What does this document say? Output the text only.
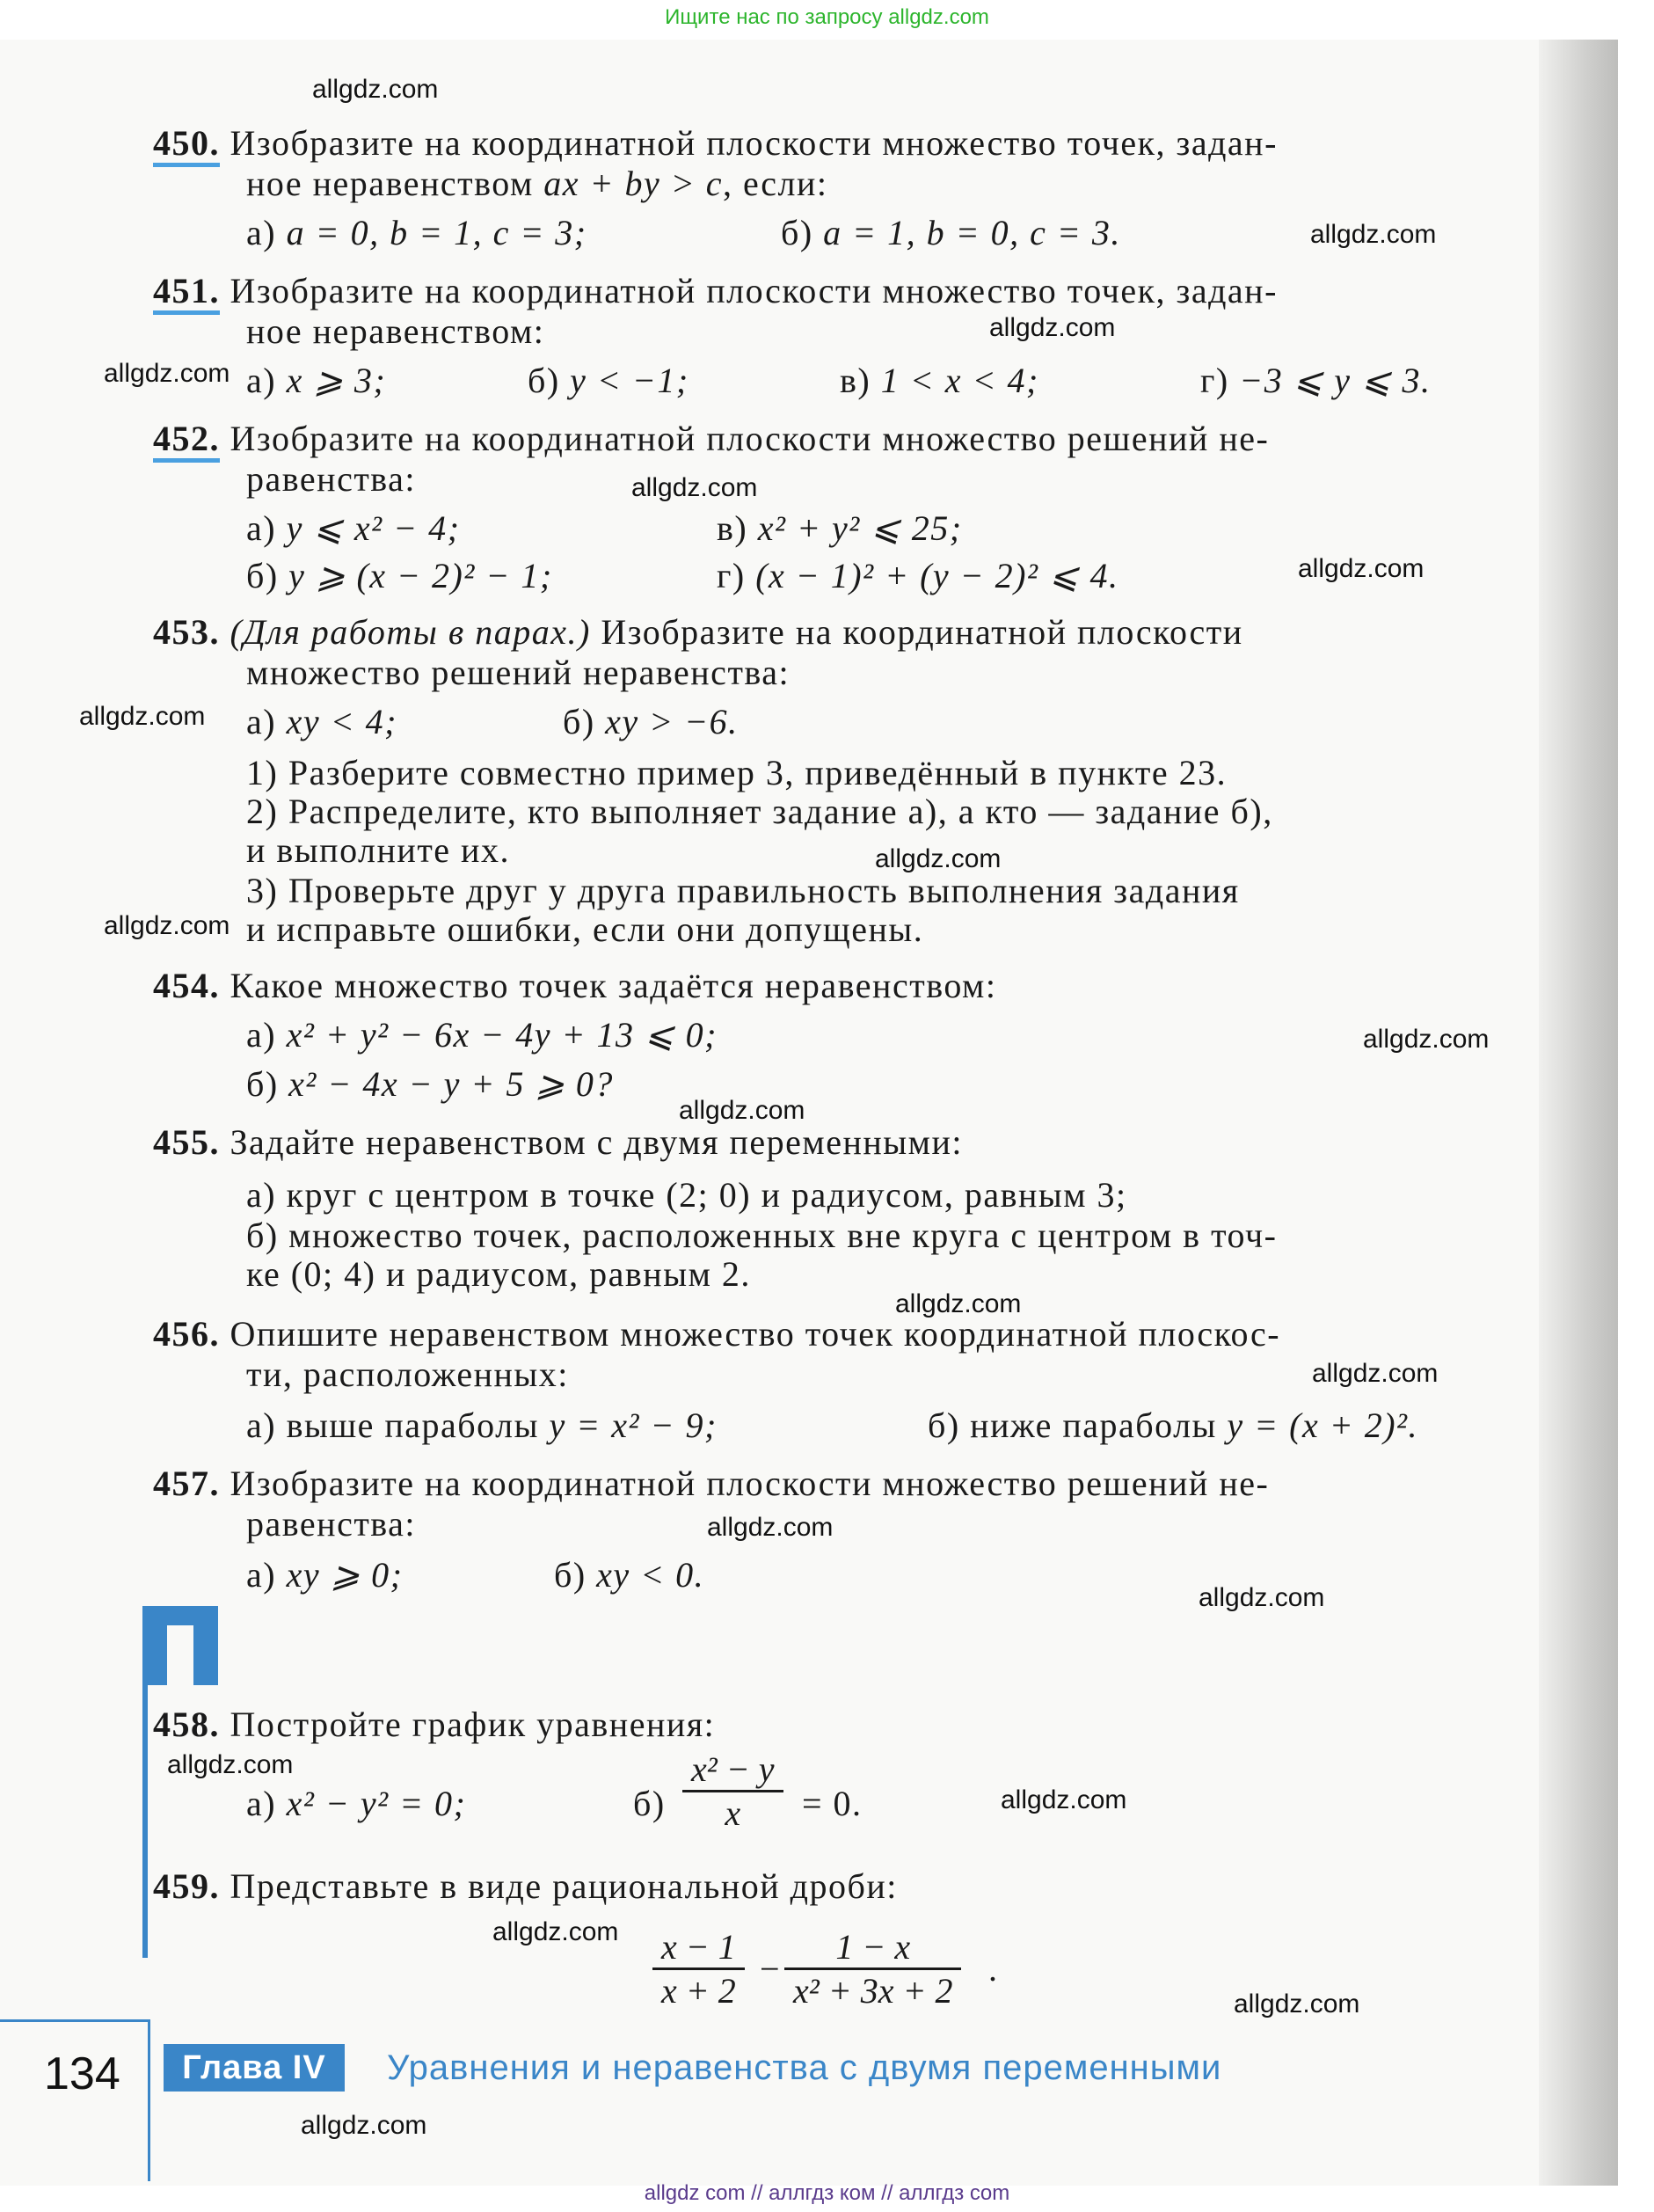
Ищите нас по запросу allgdz.com
allgdz.com
allgdz.com
allgdz.com
allgdz.com
allgdz.com
allgdz.com
allgdz.com
allgdz.com
allgdz.com
allgdz.com
allgdz.com
allgdz.com
allgdz.com
allgdz.com
allgdz.com
allgdz.com
allgdz.com
allgdz.com
allgdz.com
allgdz.com
450. Изобразите на координатной плоскости множество точек, задан-
ное неравенством ax + by > c, если:
а) a = 0, b = 1, c = 3;	б) a = 1, b = 0, c = 3.
451. Изобразите на координатной плоскости множество точек, задан-
ное неравенством:
а) x ⩾ 3;	б) y < −1;	в) 1 < x < 4;	г) −3 ⩽ y ⩽ 3.
452. Изобразите на координатной плоскости множество решений не-
равенства:
а) y ⩽ x² − 4;	в) x² + y² ⩽ 25;
б) y ⩾ (x − 2)² − 1;	г) (x − 1)² + (y − 2)² ⩽ 4.
453. (Для работы в парах.) Изобразите на координатной плоскости
множество решений неравенства:
а) xy < 4;	б) xy > −6.
1) Разберите совместно пример 3, приведённый в пункте 23.
2) Распределите, кто выполняет задание а), а кто — задание б),
и выполните их.
3) Проверьте друг у друга правильность выполнения задания
и исправьте ошибки, если они допущены.
454. Какое множество точек задаётся неравенством:
а) x² + y² − 6x − 4y + 13 ⩽ 0;
б) x² − 4x − y + 5 ⩾ 0?
455. Задайте неравенством с двумя переменными:
а) круг с центром в точке (2; 0) и радиусом, равным 3;
б) множество точек, расположенных вне круга с центром в точ-
ке (0; 4) и радиусом, равным 2.
456. Опишите неравенством множество точек координатной плоскос-
ти, расположенных:
а) выше параболы y = x² − 9;	б) ниже параболы y = (x + 2)².
457. Изобразите на координатной плоскости множество решений не-
равенства:
а) xy ⩾ 0;	б) xy < 0.
458. Постройте график уравнения:
а) x² − y² = 0;	$б) \frac{\text{x² − y}}{x} = 0$.
459. Представьте в виде рациональной дроби:
$\frac{x - 1}{x + 2} - \frac{1 - x}{\text{x² + 3x + 2}}$ .
134	Глава IV	Уравнения и неравенства с двумя переменными
allgdz com // аллгдз ком // аллгдз com
